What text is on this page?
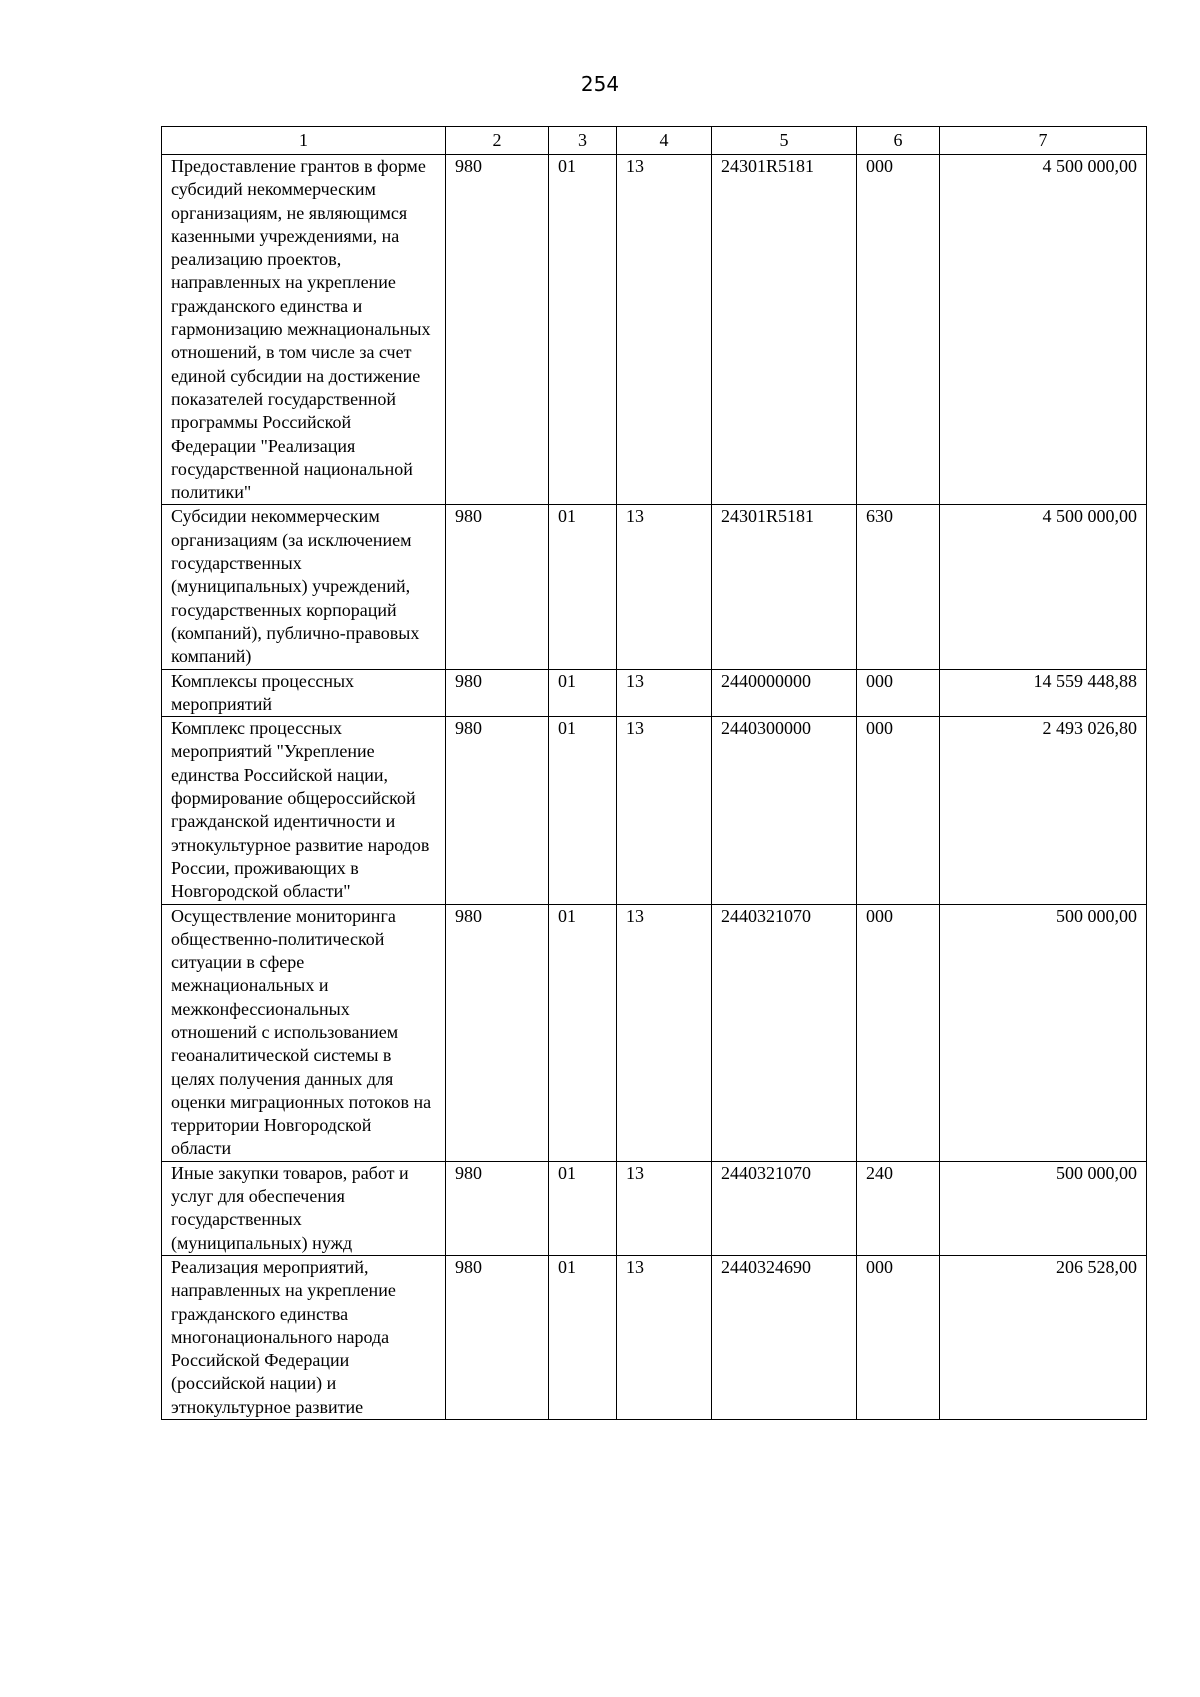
254
1	2	3	4	5	6	7
Предоставление грантов в форме субсидий некоммерческим организациям, не являющимся казенными учреждениями, на реализацию проектов, направленных на укрепление гражданского единства и гармонизацию межнациональных отношений, в том числе за счет единой субсидии на достижение показателей государственной программы Российской Федерации "Реализация государственной национальной политики"	980	01	13	24301R5181	000	4 500 000,00
Субсидии некоммерческим организациям (за исключением государственных (муниципальных) учреждений, государственных корпораций (компаний), публично-правовых компаний)	980	01	13	24301R5181	630	4 500 000,00
Комплексы процессных мероприятий	980	01	13	2440000000	000	14 559 448,88
Комплекс процессных мероприятий "Укрепление единства Российской нации, формирование общероссийской гражданской идентичности и этнокультурное развитие народов России, проживающих в Новгородской области"	980	01	13	2440300000	000	2 493 026,80
Осуществление мониторинга общественно-политической ситуации в сфере межнациональных и межконфессиональных отношений с использованием геоаналитической системы в целях получения данных для оценки миграционных потоков на территории Новгородской области	980	01	13	2440321070	000	500 000,00
Иные закупки товаров, работ и услуг для обеспечения государственных (муниципальных) нужд	980	01	13	2440321070	240	500 000,00
Реализация мероприятий, направленных на укрепление гражданского единства многонационального народа Российской Федерации (российской нации) и этнокультурное развитие	980	01	13	2440324690	000	206 528,00
